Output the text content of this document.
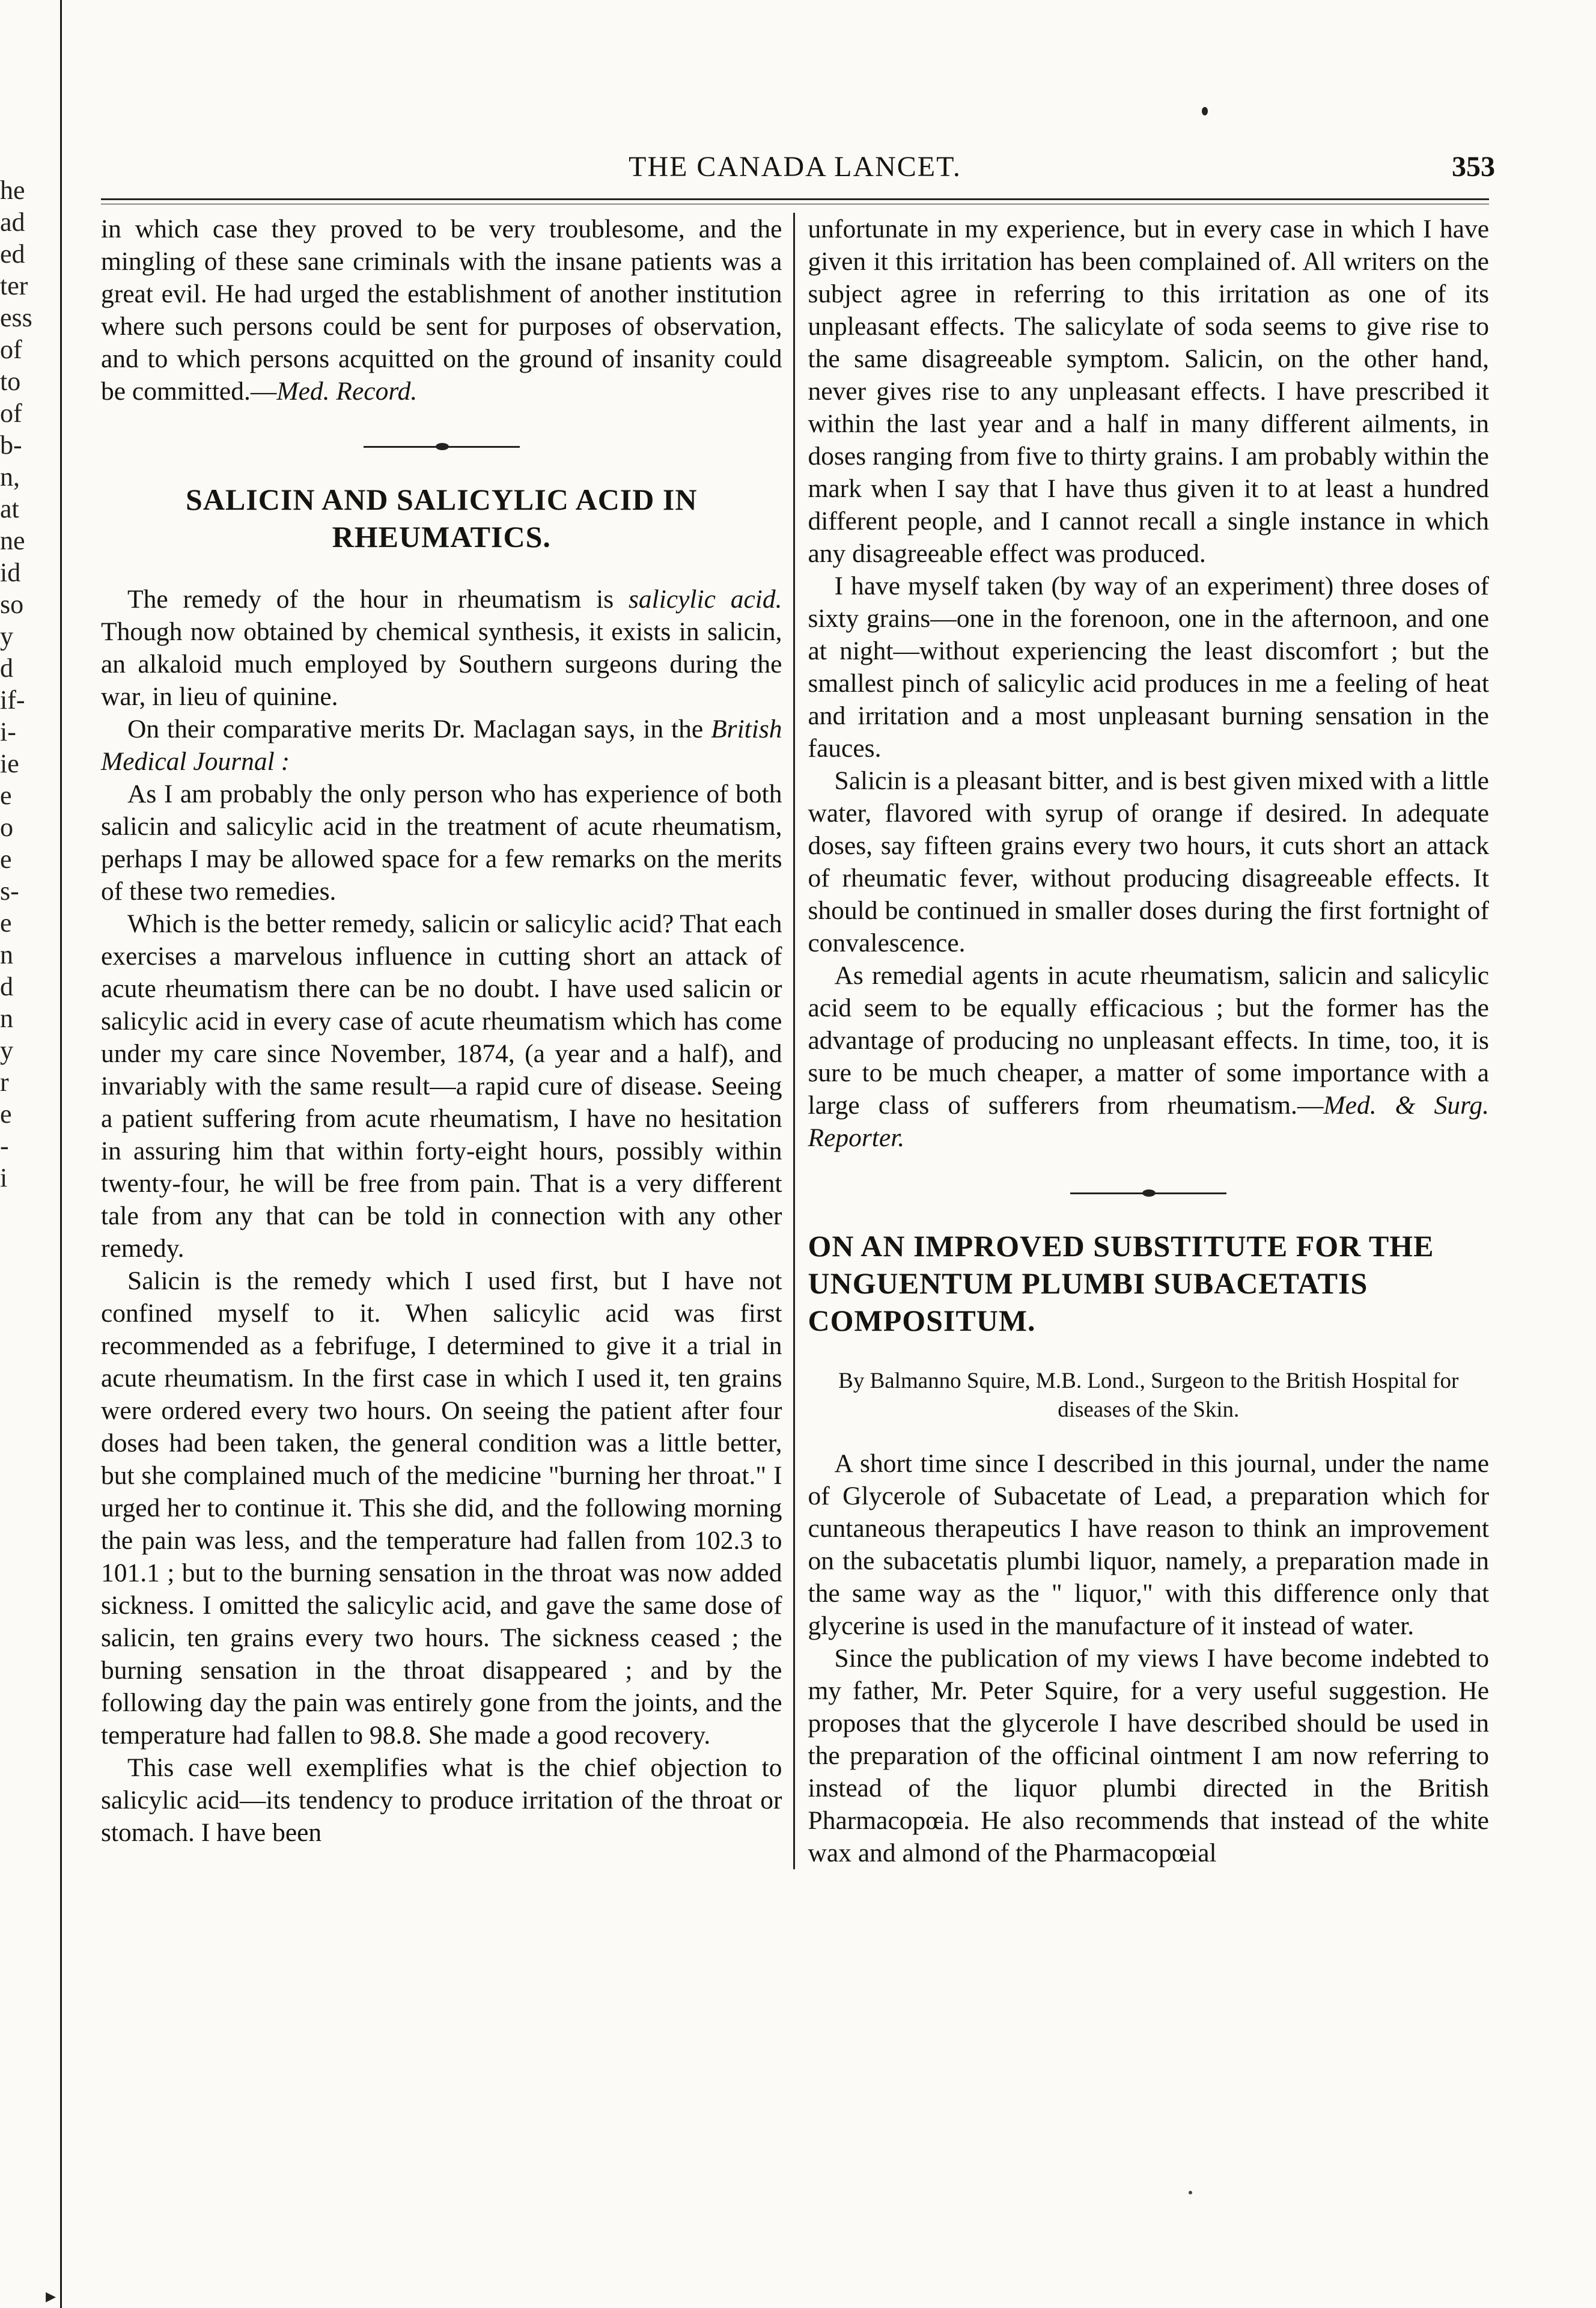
he
ad
ed
ter
ess
of
to
of
b-
n,
at
ne
id
so
y
d
if-
i-
ie
e
o
e
s-
e
n
d
n
y
r
e
-
i
THE CANADA LANCET.	353

in which case they proved to be very troublesome, and the mingling of these sane criminals with the insane patients was a great evil. He had urged the establishment of another institution where such persons could be sent for purposes of observation, and to which persons acquitted on the ground of insanity could be committed.—Med. Record.

SALICIN AND SALICYLIC ACID IN RHEUMATICS.

The remedy of the hour in rheumatism is salicylic acid. Though now obtained by chemical synthesis, it exists in salicin, an alkaloid much employed by Southern surgeons during the war, in lieu of quinine.

On their comparative merits Dr. Maclagan says, in the British Medical Journal :

As I am probably the only person who has experience of both salicin and salicylic acid in the treatment of acute rheumatism, perhaps I may be allowed space for a few remarks on the merits of these two remedies.

Which is the better remedy, salicin or salicylic acid? That each exercises a marvelous influence in cutting short an attack of acute rheumatism there can be no doubt. I have used salicin or salicylic acid in every case of acute rheumatism which has come under my care since November, 1874, (a year and a half), and invariably with the same result—a rapid cure of disease. Seeing a patient suffering from acute rheumatism, I have no hesitation in assuring him that within forty-eight hours, possibly within twenty-four, he will be free from pain. That is a very different tale from any that can be told in connection with any other remedy.

Salicin is the remedy which I used first, but I have not confined myself to it. When salicylic acid was first recommended as a febrifuge, I determined to give it a trial in acute rheumatism. In the first case in which I used it, ten grains were ordered every two hours. On seeing the patient after four doses had been taken, the general condition was a little better, but she complained much of the medicine "burning her throat." I urged her to continue it. This she did, and the following morning the pain was less, and the temperature had fallen from 102.3 to 101.1 ; but to the burning sensation in the throat was now added sickness. I omitted the salicylic acid, and gave the same dose of salicin, ten grains every two hours. The sickness ceased ; the burning sensation in the throat disappeared ; and by the following day the pain was entirely gone from the joints, and the temperature had fallen to 98.8. She made a good recovery.

This case well exemplifies what is the chief objection to salicylic acid—its tendency to produce irritation of the throat or stomach. I have been

unfortunate in my experience, but in every case in which I have given it this irritation has been complained of. All writers on the subject agree in referring to this irritation as one of its unpleasant effects. The salicylate of soda seems to give rise to the same disagreeable symptom. Salicin, on the other hand, never gives rise to any unpleasant effects. I have prescribed it within the last year and a half in many different ailments, in doses ranging from five to thirty grains. I am probably within the mark when I say that I have thus given it to at least a hundred different people, and I cannot recall a single instance in which any disagreeable effect was produced.

I have myself taken (by way of an experiment) three doses of sixty grains—one in the forenoon, one in the afternoon, and one at night—without experiencing the least discomfort ; but the smallest pinch of salicylic acid produces in me a feeling of heat and irritation and a most unpleasant burning sensation in the fauces.

Salicin is a pleasant bitter, and is best given mixed with a little water, flavored with syrup of orange if desired. In adequate doses, say fifteen grains every two hours, it cuts short an attack of rheumatic fever, without producing disagreeable effects. It should be continued in smaller doses during the first fortnight of convalescence.

As remedial agents in acute rheumatism, salicin and salicylic acid seem to be equally efficacious ; but the former has the advantage of producing no unpleasant effects. In time, too, it is sure to be much cheaper, a matter of some importance with a large class of sufferers from rheumatism.—Med. & Surg. Reporter.

ON AN IMPROVED SUBSTITUTE FOR THE UNGUENTUM PLUMBI SUBACETATIS COMPOSITUM.
By Balmanno Squire, M.B. Lond., Surgeon to the British Hospital for diseases of the Skin.

A short time since I described in this journal, under the name of Glycerole of Subacetate of Lead, a preparation which for cuntaneous therapeutics I have reason to think an improvement on the subacetatis plumbi liquor, namely, a preparation made in the same way as the " liquor," with this difference only that glycerine is used in the manufacture of it instead of water.

Since the publication of my views I have become indebted to my father, Mr. Peter Squire, for a very useful suggestion. He proposes that the glycerole I have described should be used in the preparation of the officinal ointment I am now referring to instead of the liquor plumbi directed in the British Pharmacopœia. He also recommends that instead of the white wax and almond of the Pharmacopœial

▸
